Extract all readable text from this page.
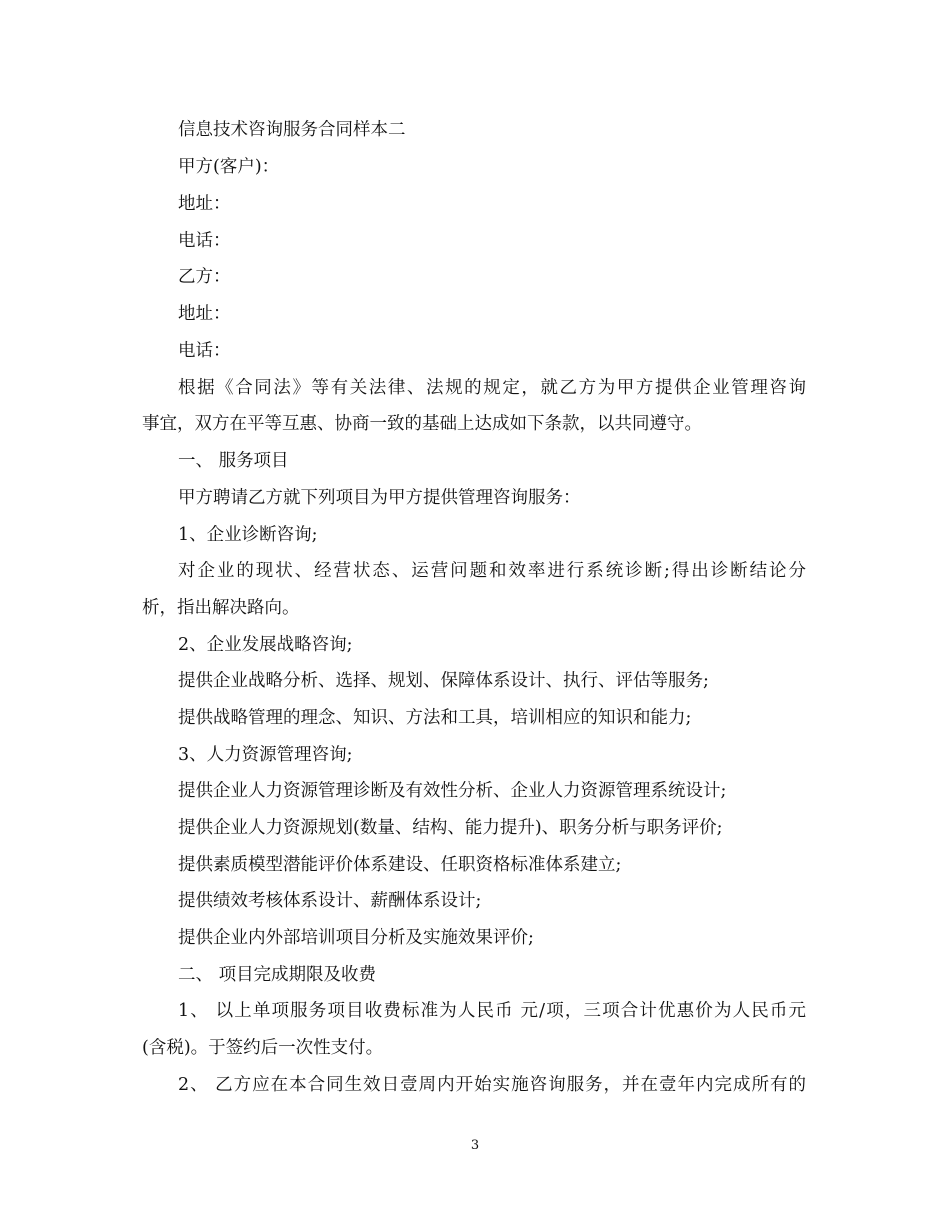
信息技术咨询服务合同样本二
甲方(客户)：
地址：
电话：
乙方：
地址：
电话：
根据《合同法》等有关法律、法规的规定，就乙方为甲方提供企业管理咨询
事宜，双方在平等互惠、协商一致的基础上达成如下条款，以共同遵守。
一、 服务项目
甲方聘请乙方就下列项目为甲方提供管理咨询服务：
1、企业诊断咨询;
对企业的现状、经营状态、运营问题和效率进行系统诊断;得出诊断结论分
析，指出解决路向。
2、企业发展战略咨询;
提供企业战略分析、选择、规划、保障体系设计、执行、评估等服务;
提供战略管理的理念、知识、方法和工具，培训相应的知识和能力;
3、人力资源管理咨询;
提供企业人力资源管理诊断及有效性分析、企业人力资源管理系统设计;
提供企业人力资源规划(数量、结构、能力提升)、职务分析与职务评价;
提供素质模型潜能评价体系建设、任职资格标准体系建立;
提供绩效考核体系设计、薪酬体系设计;
提供企业内外部培训项目分析及实施效果评价;
二、 项目完成期限及收费
1、 以上单项服务项目收费标准为人民币 元/项，三项合计优惠价为人民币元
(含税)。于签约后一次性支付。
2、 乙方应在本合同生效日壹周内开始实施咨询服务，并在壹年内完成所有的
3
